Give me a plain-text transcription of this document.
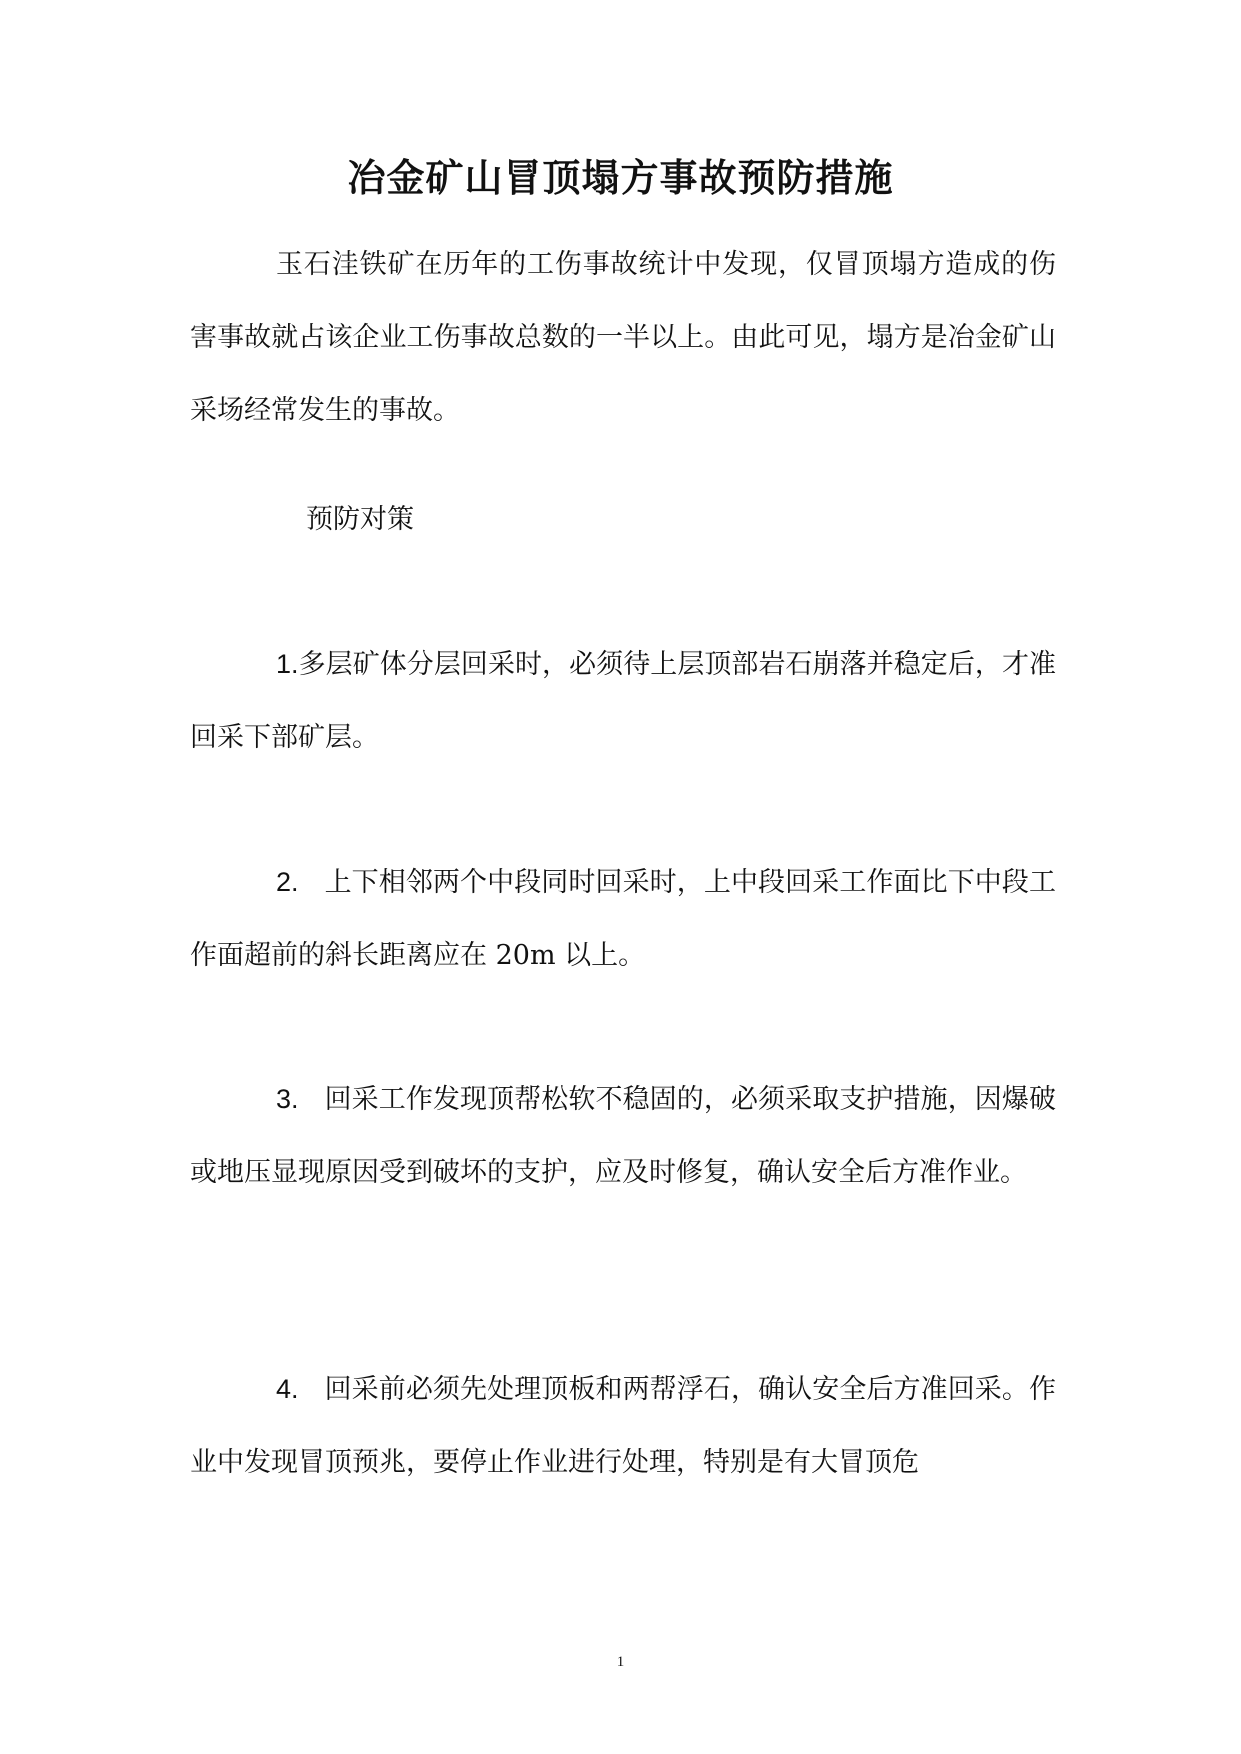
冶金矿山冒顶塌方事故预防措施

玉石洼铁矿在历年的工伤事故统计中发现，仅冒顶塌方造成的伤害事故就占该企业工伤事故总数的一半以上。由此可见，塌方是冶金矿山采场经常发生的事故。

预防对策

1.多层矿体分层回采时，必须待上层顶部岩石崩落并稳定后，才准回采下部矿层。

2. 上下相邻两个中段同时回采时，上中段回采工作面比下中段工作面超前的斜长距离应在 20m 以上。

3. 回采工作发现顶帮松软不稳固的，必须采取支护措施，因爆破或地压显现原因受到破坏的支护，应及时修复，确认安全后方准作业。

4. 回采前必须先处理顶板和两帮浮石，确认安全后方准回采。作业中发现冒顶预兆，要停止作业进行处理，特别是有大冒顶危

1
